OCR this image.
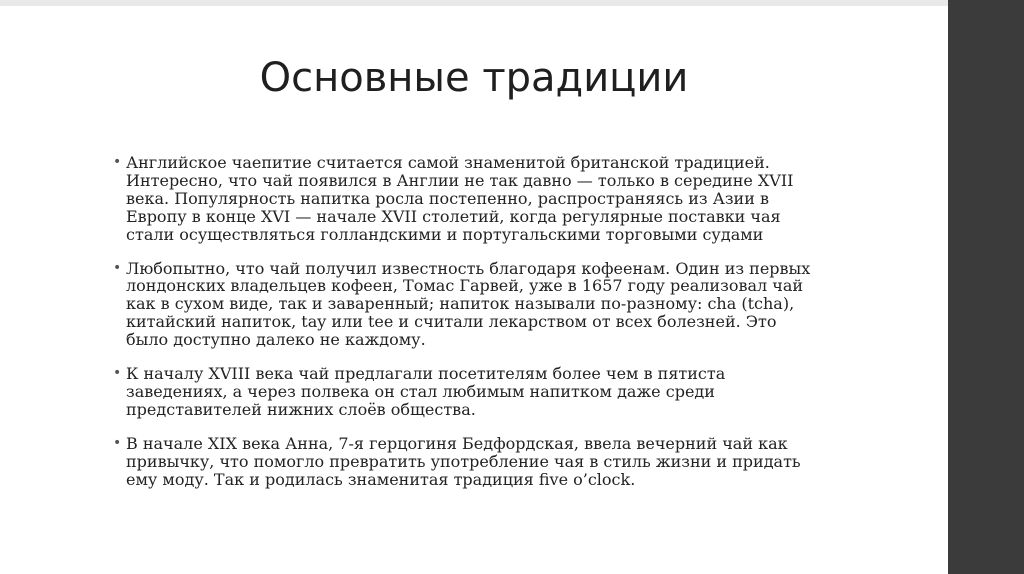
Основные традиции
• Английское чаепитие считается самой знаменитой британской традицией. Интересно, что чай появился в Англии не так давно — только в середине XVII века. Популярность напитка росла постепенно, распространяясь из Азии в Европу в конце XVI — начале XVII столетий, когда регулярные поставки чая стали осуществляться голландскими и португальскими торговыми судами
• Любопытно, что чай получил известность благодаря кофеенам. Один из первых лондонских владельцев кофеен, Томас Гарвей, уже в 1657 году реализовал чай как в сухом виде, так и заваренный; напиток называли по-разному: cha (tcha), китайский напиток, tay или tee и считали лекарством от всех болезней. Это было доступно далеко не каждому.
• К началу XVIII века чай предлагали посетителям более чем в пятиста заведениях, а через полвека он стал любимым напитком даже среди представителей нижних слоёв общества.
• В начале XIX века Анна, 7-я герцогиня Бедфордская, ввела вечерний чай как привычку, что помогло превратить употребление чая в стиль жизни и придать ему моду. Так и родилась знаменитая традиция five o’clock.
